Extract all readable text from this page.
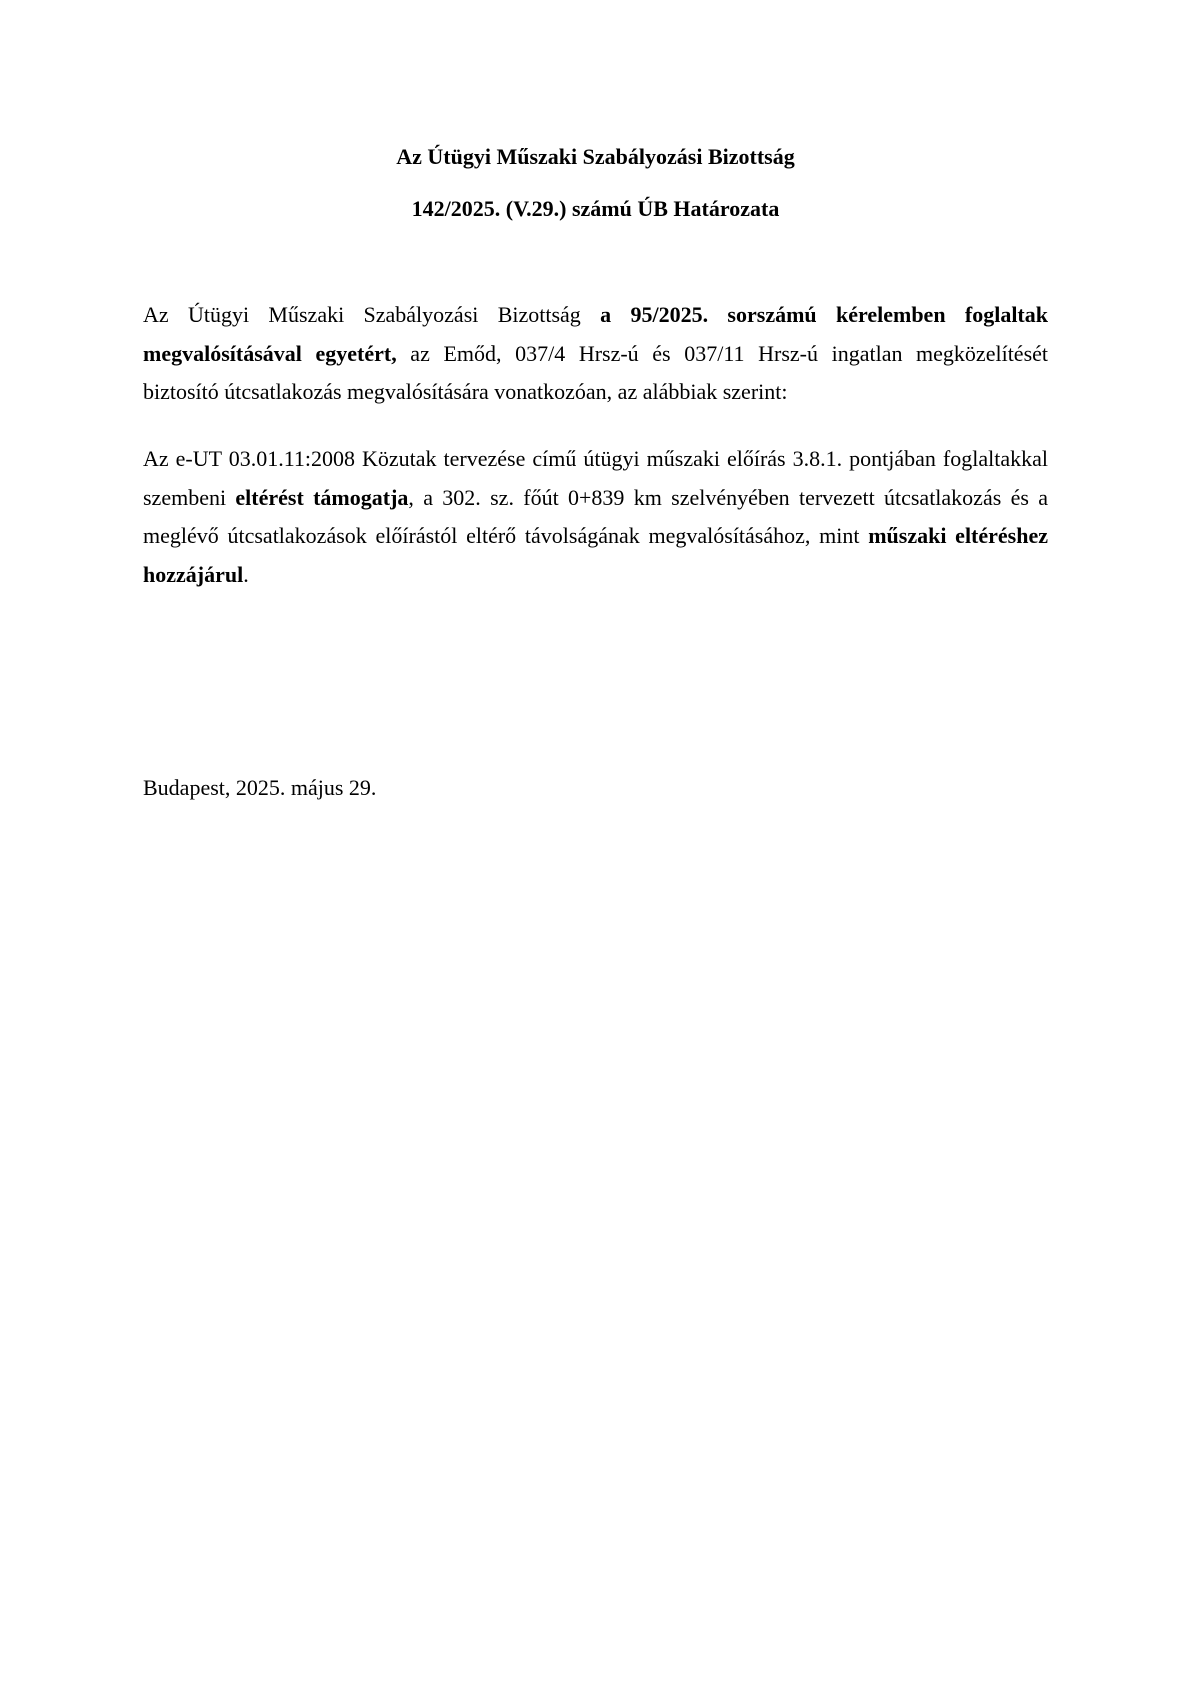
Az Útügyi Műszaki Szabályozási Bizottság

142/2025. (V.29.) számú ÚB Határozata

Az Útügyi Műszaki Szabályozási Bizottság a 95/2025. sorszámú kérelemben foglaltak megvalósításával egyetért, az Emőd, 037/4 Hrsz-ú és 037/11 Hrsz-ú ingatlan megközelítését biztosító útcsatlakozás megvalósítására vonatkozóan, az alábbiak szerint:

Az e-UT 03.01.11:2008 Közutak tervezése című útügyi műszaki előírás 3.8.1. pontjában foglaltakkal szembeni eltérést támogatja, a 302. sz. főút 0+839 km szelvényében tervezett útcsatlakozás és a meglévő útcsatlakozások előírástól eltérő távolságának megvalósításához, mint műszaki eltéréshez hozzájárul.

Budapest, 2025. május 29.
